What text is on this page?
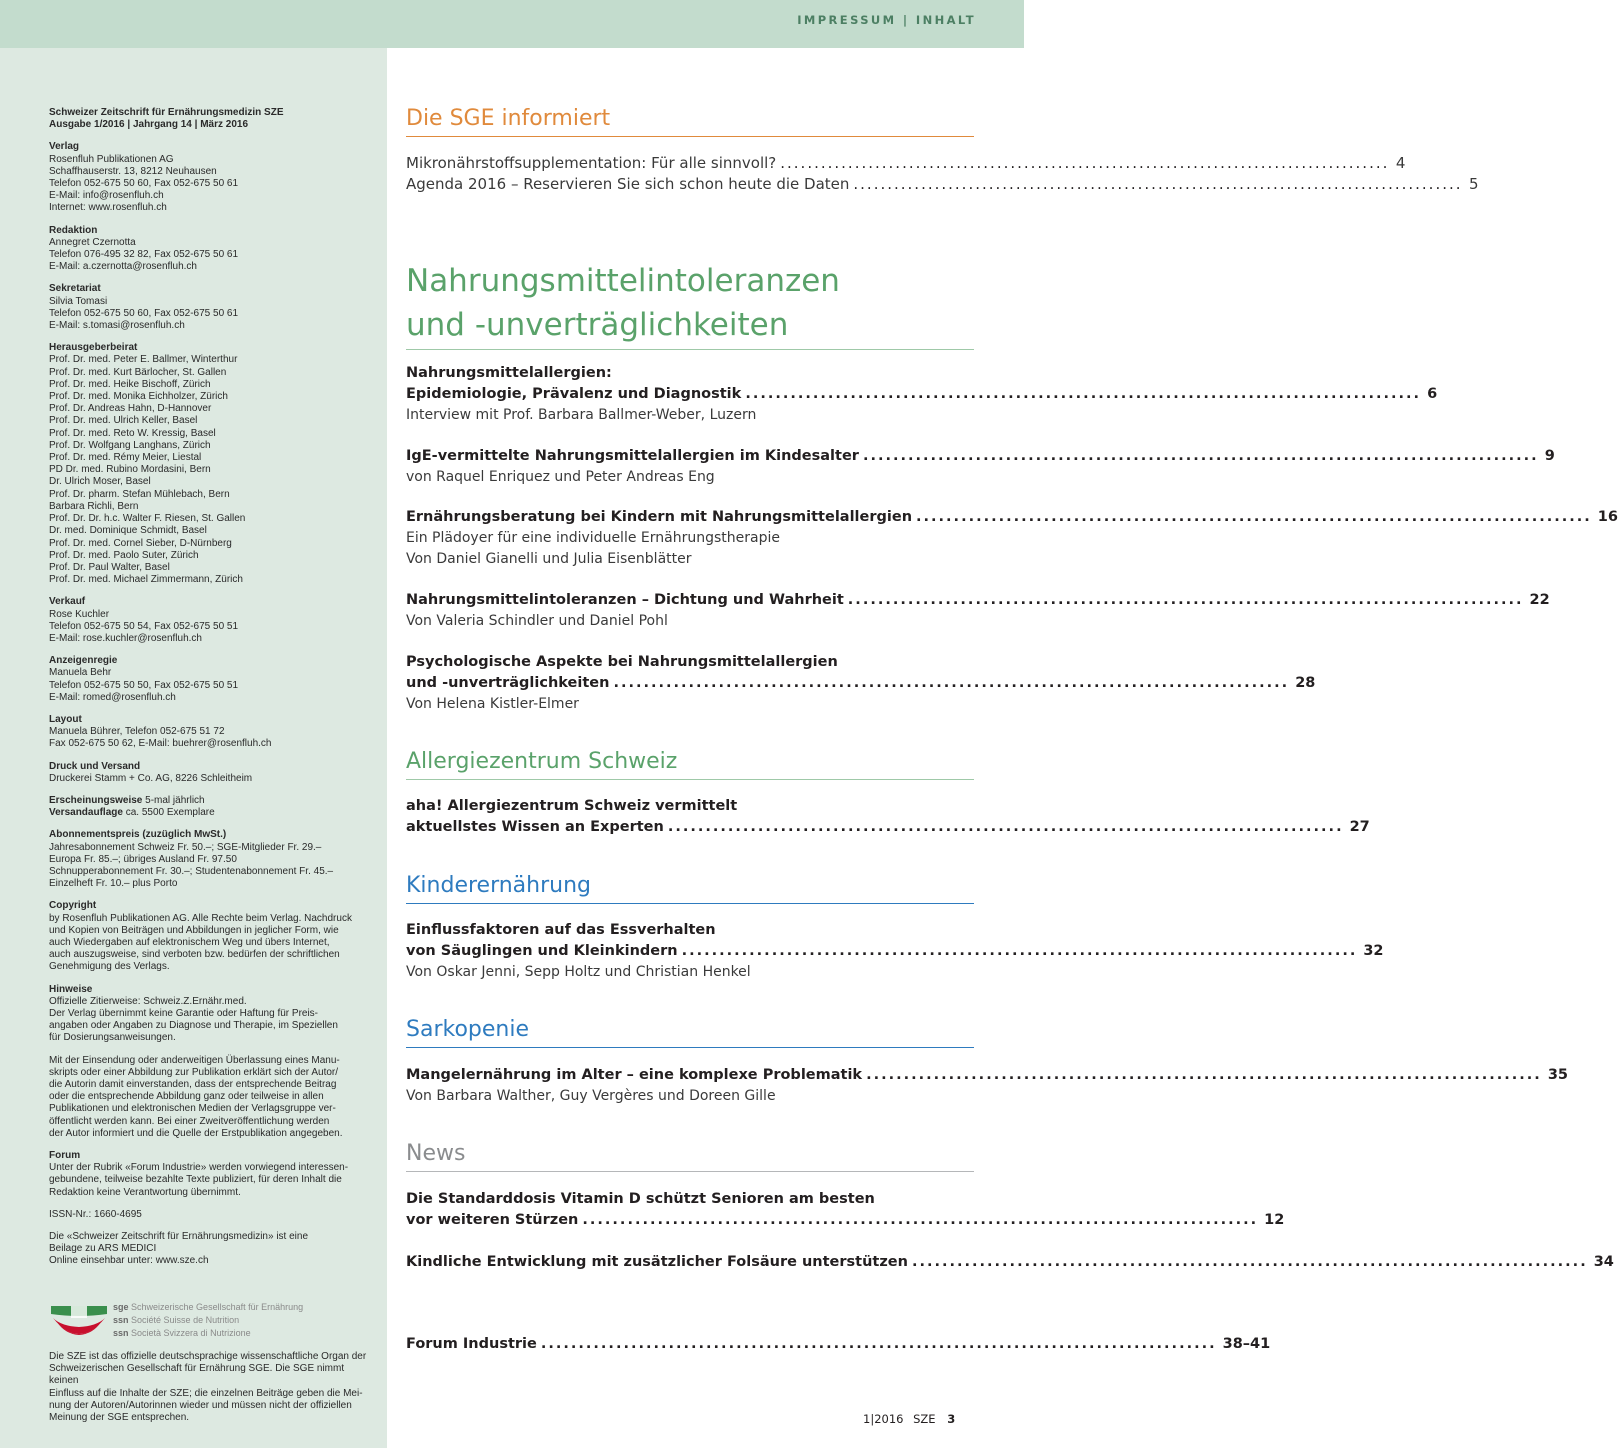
IMPRESSUM | INHALT
Schweizer Zeitschrift für Ernährungsmedizin SZE
Ausgabe 1/2016 | Jahrgang 14 | März 2016
Verlag
Rosenfluh Publikationen AG
Schaffhauserstr. 13, 8212 Neuhausen
Telefon 052-675 50 60, Fax 052-675 50 61
E-Mail: info@rosenfluh.ch
Internet: www.rosenfluh.ch
Redaktion
Annegret Czernotta
Telefon 076-495 32 82, Fax 052-675 50 61
E-Mail: a.czernotta@rosenfluh.ch
Sekretariat
Silvia Tomasi
Telefon 052-675 50 60, Fax 052-675 50 61
E-Mail: s.tomasi@rosenfluh.ch
Herausgeberbeirat
Prof. Dr. med. Peter E. Ballmer, Winterthur
Prof. Dr. med. Kurt Bärlocher, St. Gallen
Prof. Dr. med. Heike Bischoff, Zürich
Prof. Dr. med. Monika Eichholzer, Zürich
Prof. Dr. Andreas Hahn, D-Hannover
Prof. Dr. med. Ulrich Keller, Basel
Prof. Dr. med. Reto W. Kressig, Basel
Prof. Dr. Wolfgang Langhans, Zürich
Prof. Dr. med. Rémy Meier, Liestal
PD Dr. med. Rubino Mordasini, Bern
Dr. Ulrich Moser, Basel
Prof. Dr. pharm. Stefan Mühlebach, Bern
Barbara Richli, Bern
Prof. Dr. Dr. h.c. Walter F. Riesen, St. Gallen
Dr. med. Dominique Schmidt, Basel
Prof. Dr. med. Cornel Sieber, D-Nürnberg
Prof. Dr. med. Paolo Suter, Zürich
Prof. Dr. Paul Walter, Basel
Prof. Dr. med. Michael Zimmermann, Zürich
Verkauf
Rose Kuchler
Telefon 052-675 50 54, Fax 052-675 50 51
E-Mail: rose.kuchler@rosenfluh.ch
Anzeigenregie
Manuela Behr
Telefon 052-675 50 50, Fax 052-675 50 51
E-Mail: romed@rosenfluh.ch
Layout
Manuela Bührer, Telefon 052-675 51 72
Fax 052-675 50 62, E-Mail: buehrer@rosenfluh.ch
Druck und Versand
Druckerei Stamm + Co. AG, 8226 Schleitheim
Erscheinungsweise 5-mal jährlich
Versandauflage ca. 5500 Exemplare
Abonnementspreis (zuzüglich MwSt.)
Jahresabonnement Schweiz Fr. 50.–; SGE-Mitglieder Fr. 29.–
Europa Fr. 85.–; übriges Ausland Fr. 97.50
Schnupperabonnement Fr. 30.–; Studentenabonnement Fr. 45.–
Einzelheft Fr. 10.– plus Porto
Copyright
by Rosenfluh Publikationen AG. Alle Rechte beim Verlag. Nachdruck
und Kopien von Beiträgen und Abbildungen in jeglicher Form, wie
auch Wiedergaben auf elektronischem Weg und übers Internet,
auch auszugsweise, sind verboten bzw. bedürfen der schriftlichen
Genehmigung des Verlags.
Hinweise
Offizielle Zitierweise: Schweiz.Z.Ernähr.med.
Der Verlag übernimmt keine Garantie oder Haftung für Preis-
angaben oder Angaben zu Diagnose und Therapie, im Speziellen
für Dosierungsanweisungen.
Mit der Einsendung oder anderweitigen Überlassung eines Manu-
skripts oder einer Abbildung zur Publikation erklärt sich der Autor/
die Autorin damit einverstanden, dass der entsprechende Beitrag
oder die entsprechende Abbildung ganz oder teilweise in allen
Publikationen und elektronischen Medien der Verlagsgruppe ver-
öffentlicht werden kann. Bei einer Zweitveröffentlichung werden
der Autor informiert und die Quelle der Erstpublikation angegeben.
Forum
Unter der Rubrik «Forum Industrie» werden vorwiegend interessen-
gebundene, teilweise bezahlte Texte publiziert, für deren Inhalt die
Redaktion keine Verantwortung übernimmt.
ISSN-Nr.: 1660-4695
Die «Schweizer Zeitschrift für Ernährungsmedizin» ist eine
Beilage zu ARS MEDICI
Online einsehbar unter: www.sze.ch
sge Schweizerische Gesellschaft für Ernährung
ssn Société Suisse de Nutrition
ssn Società Svizzera di Nutrizione
Die SZE ist das offizielle deutschsprachige wissenschaftliche Organ der
Schweizerischen Gesellschaft für Ernährung SGE. Die SGE nimmt keinen
Einfluss auf die Inhalte der SZE; die einzelnen Beiträge geben die Mei-
nung der Autoren/Autorinnen wieder und müssen nicht der offiziellen
Meinung der SGE entsprechen.
Die SGE informiert
Mikronährstoffsupplementation: Für alle sinnvoll? .......................................................................................... 4
Agenda 2016 – Reservieren Sie sich schon heute die Daten .......................................................................................... 5
Nahrungsmittelintoleranzen
und -unverträglichkeiten
Nahrungsmittelallergien:
Epidemiologie, Prävalenz und Diagnostik .......................................................................................... 6
Interview mit Prof. Barbara Ballmer-Weber, Luzern
IgE-vermittelte Nahrungsmittelallergien im Kindesalter .......................................................................................... 9
von Raquel Enriquez und Peter Andreas Eng
Ernährungsberatung bei Kindern mit Nahrungsmittelallergien .......................................................................................... 16
Ein Plädoyer für eine individuelle Ernährungstherapie
Von Daniel Gianelli und Julia Eisenblätter
Nahrungsmittelintoleranzen – Dichtung und Wahrheit .......................................................................................... 22
Von Valeria Schindler und Daniel Pohl
Psychologische Aspekte bei Nahrungsmittelallergien
und -unverträglichkeiten .......................................................................................... 28
Von Helena Kistler-Elmer
Allergiezentrum Schweiz
aha! Allergiezentrum Schweiz vermittelt
aktuellstes Wissen an Experten .......................................................................................... 27
Kinderernährung
Einflussfaktoren auf das Essverhalten
von Säuglingen und Kleinkindern .......................................................................................... 32
Von Oskar Jenni, Sepp Holtz und Christian Henkel
Sarkopenie
Mangelernährung im Alter – eine komplexe Problematik .......................................................................................... 35
Von Barbara Walther, Guy Vergères und Doreen Gille
News
Die Standarddosis Vitamin D schützt Senioren am besten
vor weiteren Stürzen .......................................................................................... 12
Kindliche Entwicklung mit zusätzlicher Folsäure unterstützen .......................................................................................... 34
Forum Industrie .......................................................................................... 38–41
1|2016 SZE 3
